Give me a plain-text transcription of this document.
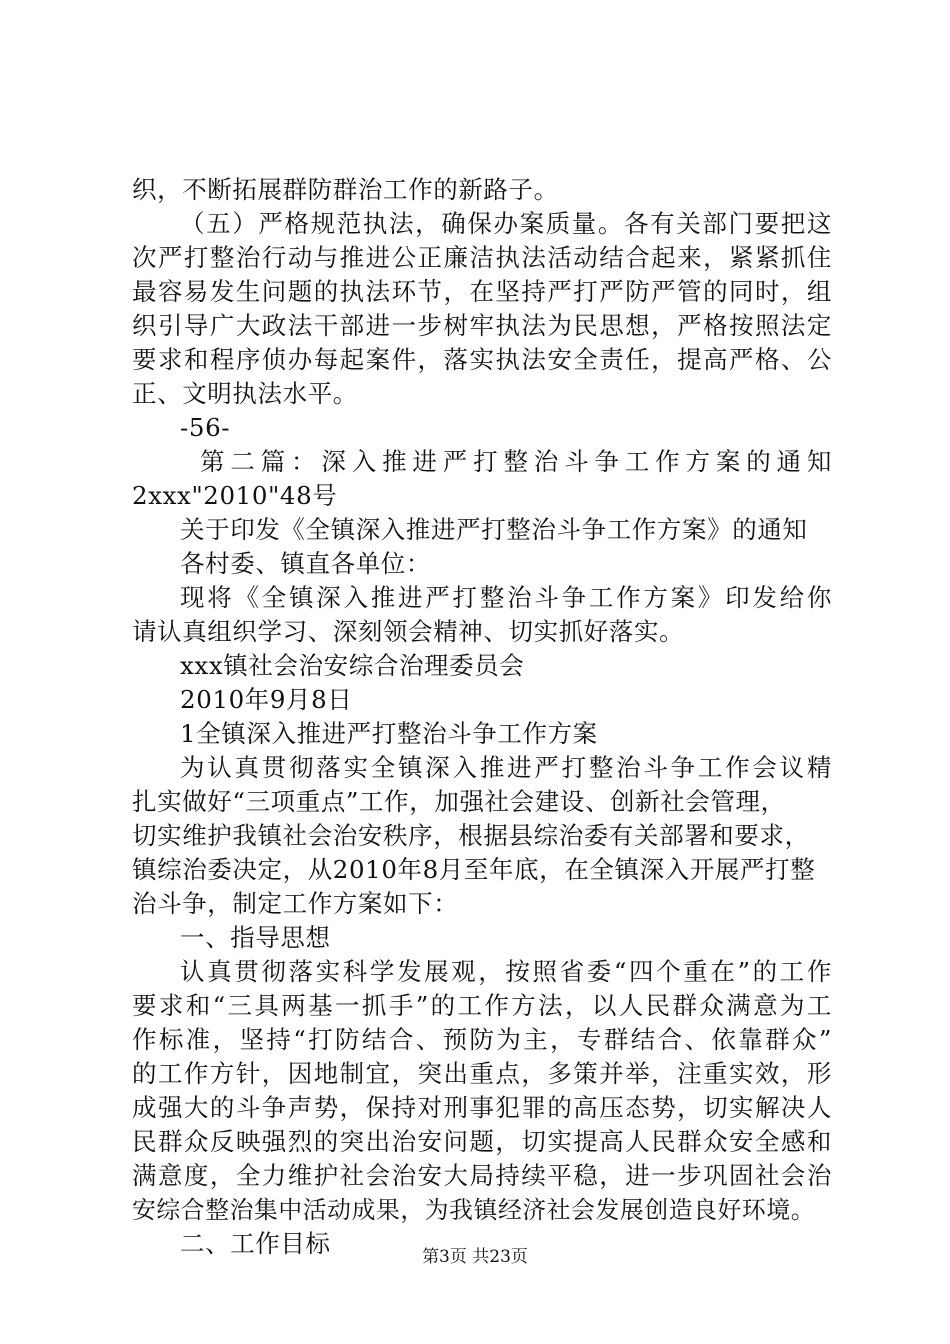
织，不断拓展群防群治工作的新路子。
（五）严格规范执法，确保办案质量。各有关部门要把这
次严打整治行动与推进公正廉洁执法活动结合起来，紧紧抓住
最容易发生问题的执法环节，在坚持严打严防严管的同时，组
织引导广大政法干部进一步树牢执法为民思想，严格按照法定
要求和程序侦办每起案件，落实执法安全责任，提高严格、公
正、文明执法水平。
-56-
第二篇：深入推进严打整治斗争工作方案的通知
2xxx"2010"48号
关于印发《全镇深入推进严打整治斗争工作方案》的通知
各村委、镇直各单位：
现将《全镇深入推进严打整治斗争工作方案》印发给你
请认真组织学习、深刻领会精神、切实抓好落实。
xxx镇社会治安综合治理委员会
2010年9月8日
1全镇深入推进严打整治斗争工作方案
为认真贯彻落实全镇深入推进严打整治斗争工作会议精
扎实做好“三项重点”工作，加强社会建设、创新社会管理，
切实维护我镇社会治安秩序，根据县综治委有关部署和要求，
镇综治委决定，从2010年8月至年底，在全镇深入开展严打整
治斗争，制定工作方案如下：
一、指导思想
认真贯彻落实科学发展观，按照省委“四个重在”的工作
要求和“三具两基一抓手”的工作方法，以人民群众满意为工
作标准，坚持“打防结合、预防为主，专群结合、依靠群众”
的工作方针，因地制宜，突出重点，多策并举，注重实效，形
成强大的斗争声势，保持对刑事犯罪的高压态势，切实解决人
民群众反映强烈的突出治安问题，切实提高人民群众安全感和
满意度，全力维护社会治安大局持续平稳，进一步巩固社会治
安综合整治集中活动成果，为我镇经济社会发展创造良好环境。
二、工作目标	第3页 共23页
